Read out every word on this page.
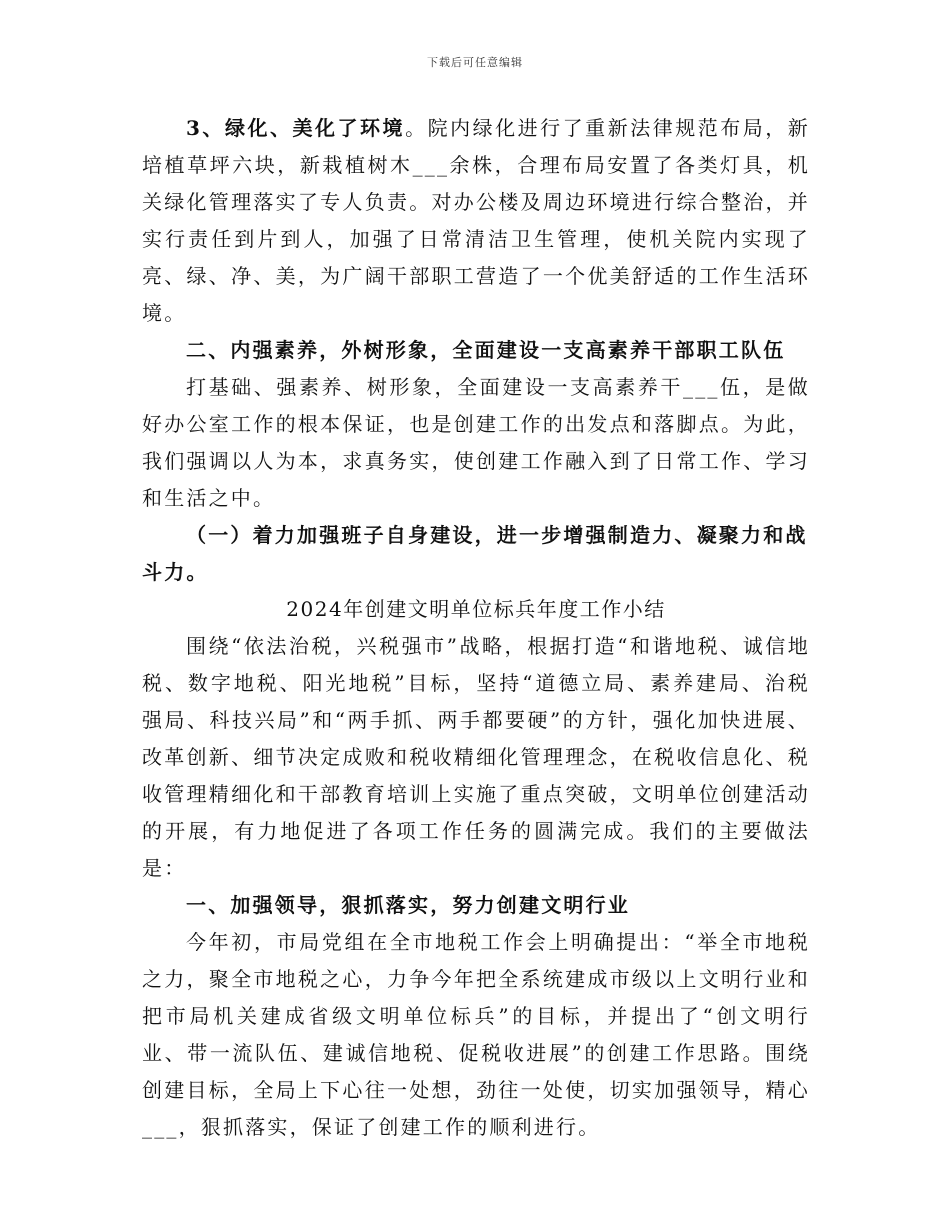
下载后可任意编辑

3、绿化、美化了环境。院内绿化进行了重新法律规范布局，新培植草坪六块，新栽植树木___余株，合理布局安置了各类灯具，机关绿化管理落实了专人负责。对办公楼及周边环境进行综合整治，并实行责任到片到人，加强了日常清洁卫生管理，使机关院内实现了亮、绿、净、美，为广阔干部职工营造了一个优美舒适的工作生活环境。

二、内强素养，外树形象，全面建设一支高素养干部职工队伍

打基础、强素养、树形象，全面建设一支高素养干___伍，是做好办公室工作的根本保证，也是创建工作的出发点和落脚点。为此，我们强调以人为本，求真务实，使创建工作融入到了日常工作、学习和生活之中。

（一）着力加强班子自身建设，进一步增强制造力、凝聚力和战斗力。

2024年创建文明单位标兵年度工作小结

围绕“依法治税，兴税强市”战略，根据打造“和谐地税、诚信地税、数字地税、阳光地税”目标，坚持“道德立局、素养建局、治税强局、科技兴局”和“两手抓、两手都要硬”的方针，强化加快进展、改革创新、细节决定成败和税收精细化管理理念，在税收信息化、税收管理精细化和干部教育培训上实施了重点突破，文明单位创建活动的开展，有力地促进了各项工作任务的圆满完成。我们的主要做法是：

一、加强领导，狠抓落实，努力创建文明行业

今年初，市局党组在全市地税工作会上明确提出：“举全市地税之力，聚全市地税之心，力争今年把全系统建成市级以上文明行业和把市局机关建成省级文明单位标兵”的目标，并提出了“创文明行业、带一流队伍、建诚信地税、促税收进展”的创建工作思路。围绕创建目标，全局上下心往一处想，劲往一处使，切实加强领导，精心___，狠抓落实，保证了创建工作的顺利进行。
